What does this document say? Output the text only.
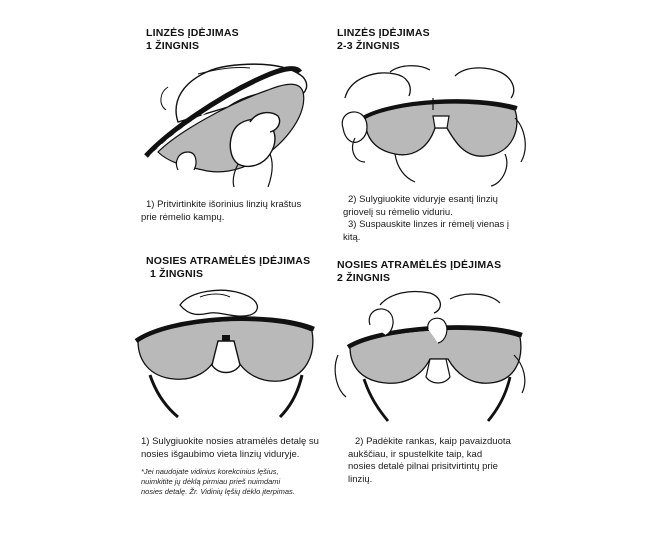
LINZĖS ĮDĖJIMAS
1 ŽINGNIS
1) Pritvirtinkite išorinius linzių kraštus
prie rėmelio kampų.
LINZĖS ĮDĖJIMAS
2-3 ŽINGNIS
2) Sulygiuokite viduryje esantį linzių
griovelį su rėmelio viduriu.
3) Suspauskite linzes ir rėmelį vienas į
kitą.
NOSIES ATRAMĖLĖS ĮDĖJIMAS
1 ŽINGNIS
1) Sulygiuokite nosies atramėlės detalę su
nosies išgaubimo vieta linzių viduryje.
*Jei naudojate vidinius korekcinius lęšius,
nuimkitite jų dėklą pirmiau prieš nuimdami
nosies detalę. Žr. Vidinių lęšių dėklo įterpimas.
NOSIES ATRAMĖLĖS ĮDĖJIMAS
2 ŽINGNIS
2) Padėkite rankas, kaip pavaizduota
aukščiau, ir spustelkite taip, kad
nosies detalė pilnai prisitvirtintų prie
linzių.
